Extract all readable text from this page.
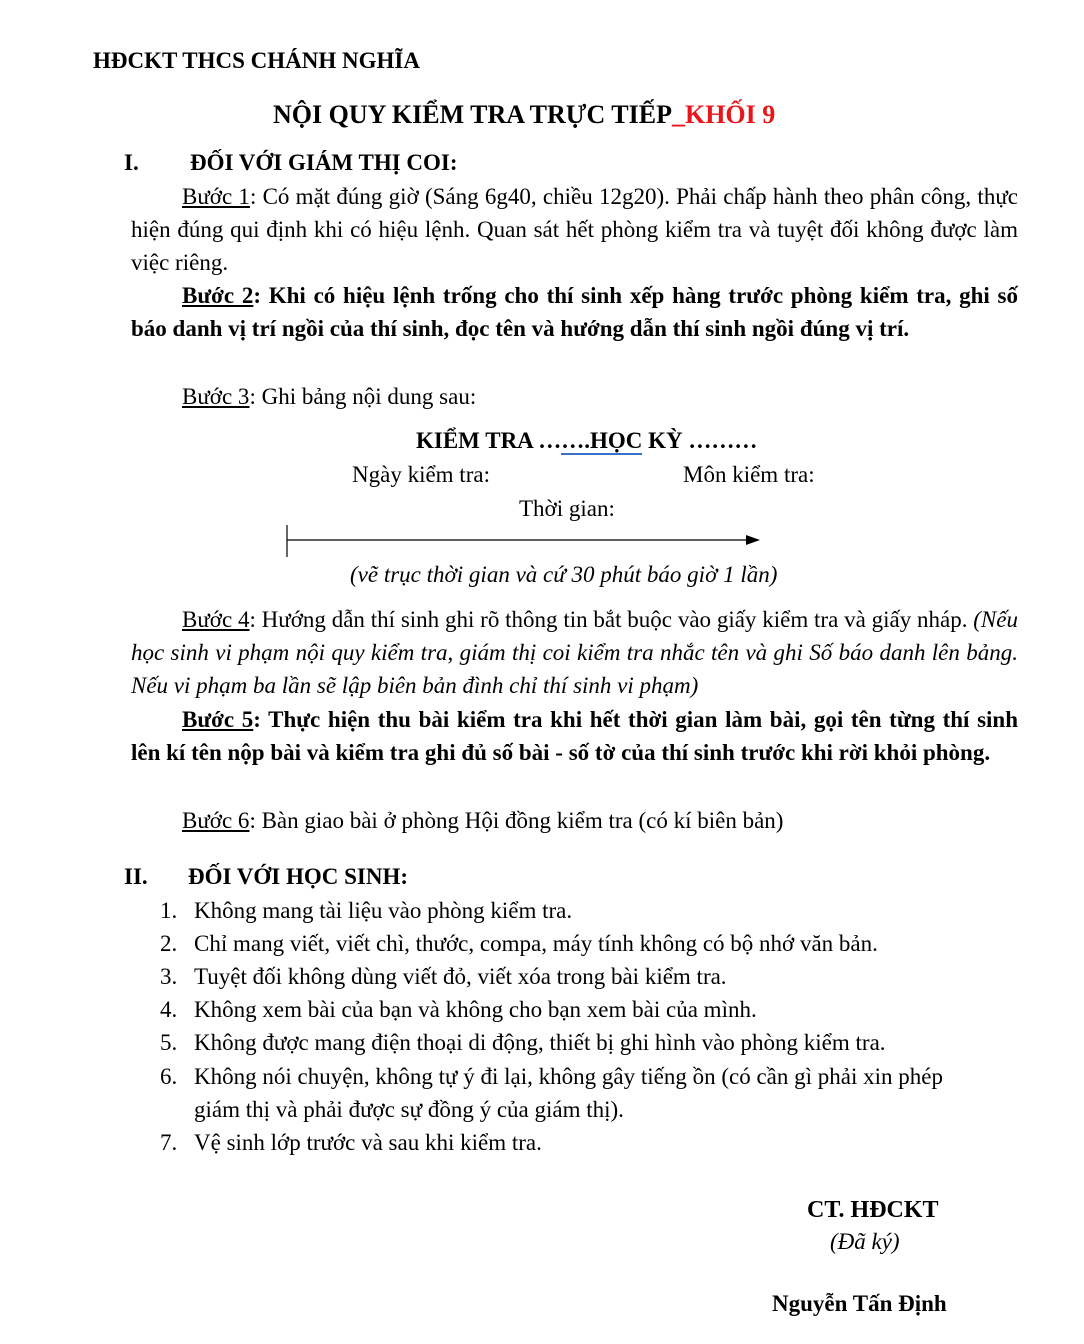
HĐCKT THCS CHÁNH NGHĨA
NỘI QUY KIỂM TRA TRỰC TIẾP_KHỐI 9
I. ĐỐI VỚI GIÁM THỊ COI:
Bước 1: Có mặt đúng giờ (Sáng 6g40, chiều 12g20). Phải chấp hành theo phân công, thực hiện đúng qui định khi có hiệu lệnh. Quan sát hết phòng kiểm tra và tuyệt đối không được làm việc riêng.
Bước 2: Khi có hiệu lệnh trống cho thí sinh xếp hàng trước phòng kiểm tra, ghi số báo danh vị trí ngồi của thí sinh, đọc tên và hướng dẫn thí sinh ngồi đúng vị trí.
Bước 3: Ghi bảng nội dung sau:
KIỂM TRA …….HỌC KỲ ………
Ngày kiểm tra:	Môn kiểm tra:
Thời gian:
(vẽ trục thời gian và cứ 30 phút báo giờ 1 lần)
Bước 4: Hướng dẫn thí sinh ghi rõ thông tin bắt buộc vào giấy kiểm tra và giấy nháp. (Nếu học sinh vi phạm nội quy kiểm tra, giám thị coi kiểm tra nhắc tên và ghi Số báo danh lên bảng. Nếu vi phạm ba lần sẽ lập biên bản đình chỉ thí sinh vi phạm)
Bước 5: Thực hiện thu bài kiểm tra khi hết thời gian làm bài, gọi tên từng thí sinh lên kí tên nộp bài và kiểm tra ghi đủ số bài - số tờ của thí sinh trước khi rời khỏi phòng.
Bước 6: Bàn giao bài ở phòng Hội đồng kiểm tra (có kí biên bản)
II. ĐỐI VỚI HỌC SINH:
1. Không mang tài liệu vào phòng kiểm tra.
2. Chỉ mang viết, viết chì, thước, compa, máy tính không có bộ nhớ văn bản.
3. Tuyệt đối không dùng viết đỏ, viết xóa trong bài kiểm tra.
4. Không xem bài của bạn và không cho bạn xem bài của mình.
5. Không được mang điện thoại di động, thiết bị ghi hình vào phòng kiểm tra.
6. Không nói chuyện, không tự ý đi lại, không gây tiếng ồn (có cần gì phải xin phép
giám thị và phải được sự đồng ý của giám thị).
7. Vệ sinh lớp trước và sau khi kiểm tra.
CT. HĐCKT
(Đã ký)
Nguyễn Tấn Định
